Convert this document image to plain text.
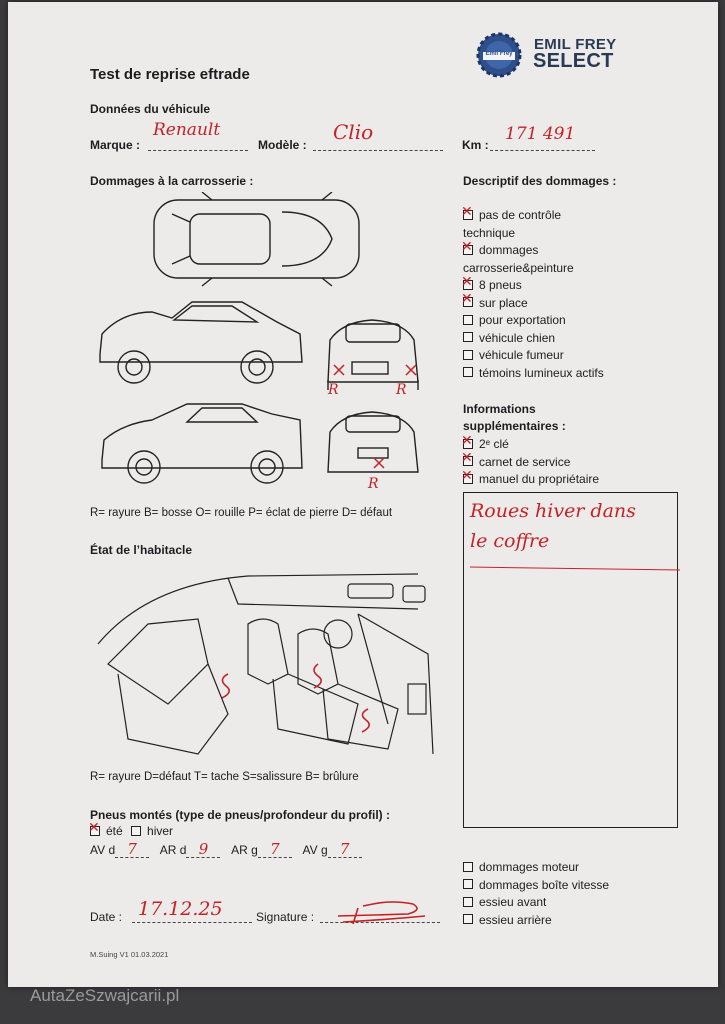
Emil Frey
EMIL FREY
SELECT
Test de reprise eftrade
Données du véhicule
Marque :
Renault
Modèle :
Clio
Km :
171 491
Dommages à la carrosserie :
R	R
R
R= rayure B= bosse O= rouille P= éclat de pierre D= défaut
État de l’habitacle
R= rayure D=défaut T= tache S=salissure B= brûlure
Pneus montés (type de pneus/profondeur du profil) :
✕été hiver
AV d 7 AR d 9 AR g 7 AV g 7
Date : 17.12.25	Signature :
M.Suing V1 01.03.2021
Descriptif des dommages :
✕pas de contrôle
technique
✕dommages
carrosserie&peinture
✕8 pneus
✕sur place
pour exportation
véhicule chien
véhicule fumeur
témoins lumineux actifs
Informations
supplémentaires :
✕2ᵉ clé
✕carnet de service
✕manuel du propriétaire
Roues hiver dans
le coffre
dommages moteur
dommages boîte vitesse
essieu avant
essieu arrière
AutaZeSzwajcarii.pl
